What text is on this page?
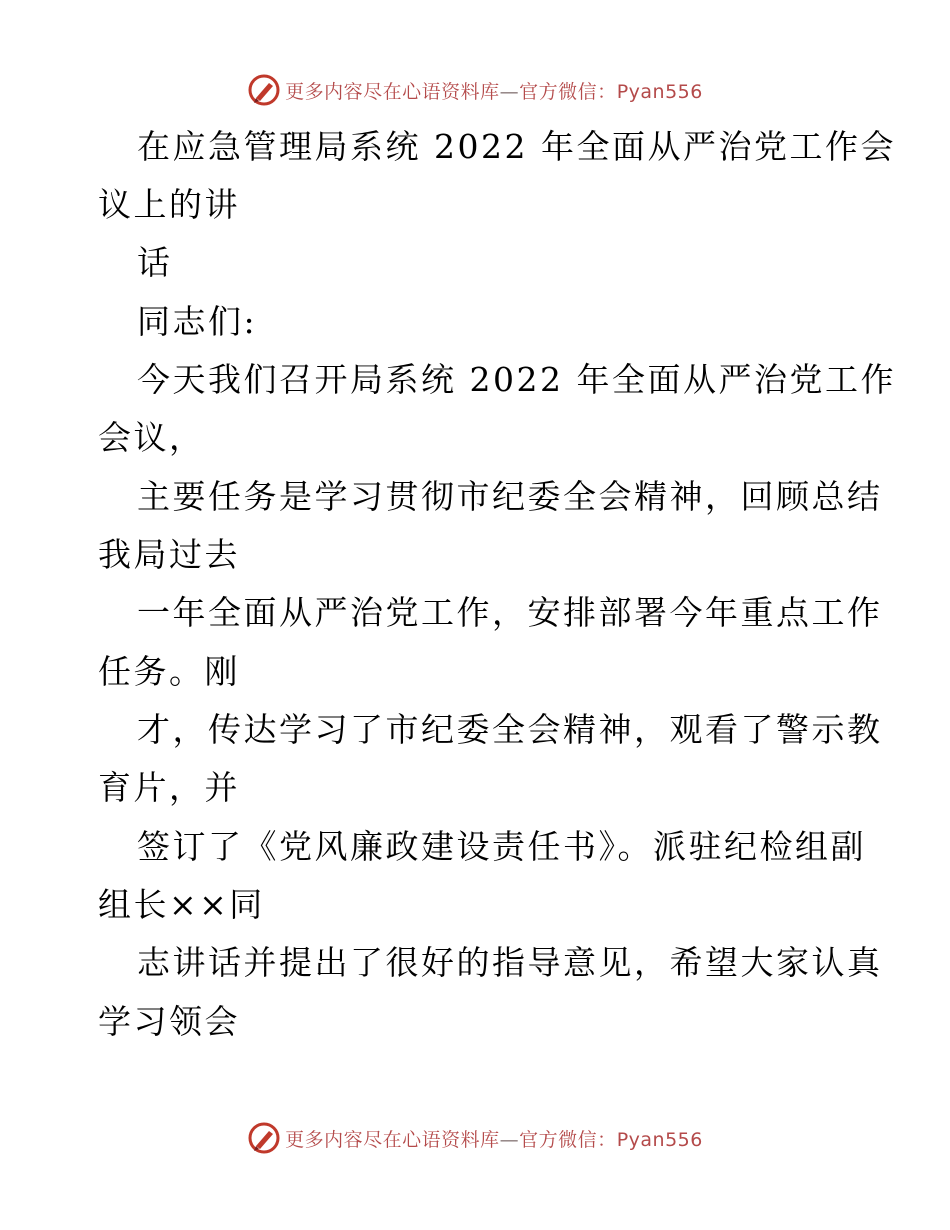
更多内容尽在心语资料库—官方微信：Pyan556
在应急管理局系统 2022 年全面从严治党工作会
议上的讲
话
同志们:
今天我们召开局系统 2022 年全面从严治党工作
会议，
主要任务是学习贯彻市纪委全会精神，回顾总结
我局过去
一年全面从严治党工作，安排部署今年重点工作
任务。刚
才，传达学习了市纪委全会精神，观看了警示教
育片，并
签订了《党风廉政建设责任书》。派驻纪检组副
组长××同
志讲话并提出了很好的指导意见，希望大家认真
学习领会
更多内容尽在心语资料库—官方微信：Pyan556
